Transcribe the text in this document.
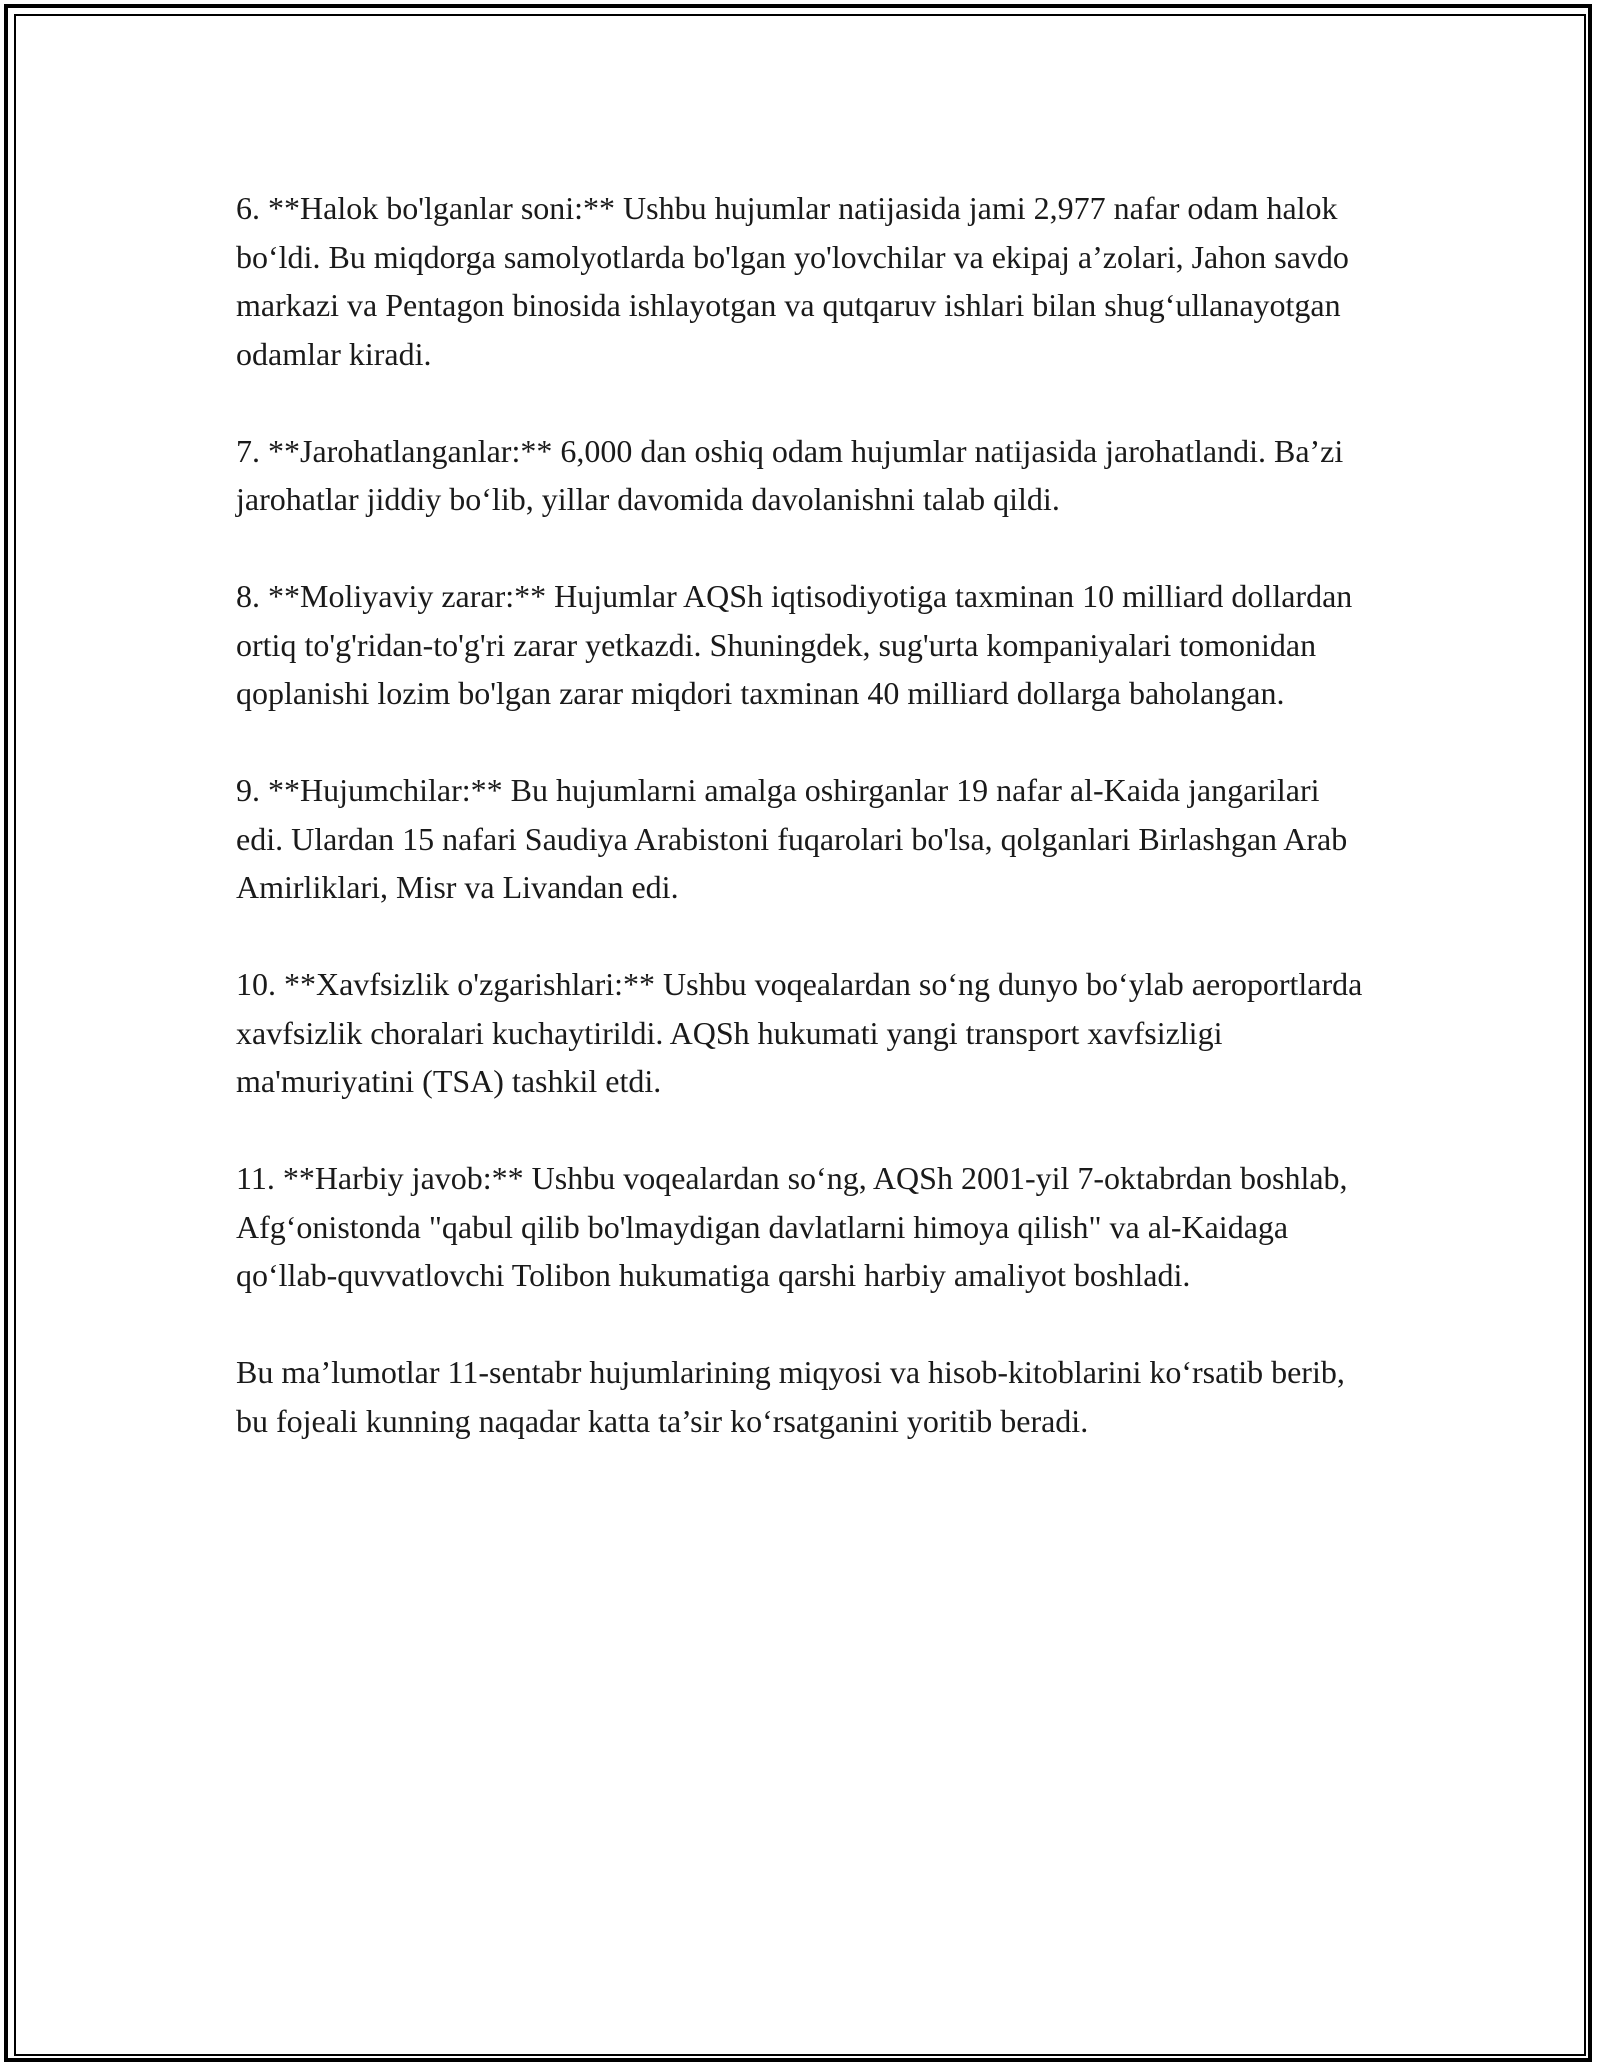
6. **Halok bo'lganlar soni:** Ushbu hujumlar natijasida jami 2,977 nafar odam halok bo‘ldi. Bu miqdorga samolyotlarda bo'lgan yo'lovchilar va ekipaj a’zolari, Jahon savdo markazi va Pentagon binosida ishlayotgan va qutqaruv ishlari bilan shug‘ullanayotgan odamlar kiradi.

7. **Jarohatlanganlar:** 6,000 dan oshiq odam hujumlar natijasida jarohatlandi. Ba’zi jarohatlar jiddiy bo‘lib, yillar davomida davolanishni talab qildi.

8. **Moliyaviy zarar:** Hujumlar AQSh iqtisodiyotiga taxminan 10 milliard dollardan ortiq to'g'ridan-to'g'ri zarar yetkazdi. Shuningdek, sug'urta kompaniyalari tomonidan qoplanishi lozim bo'lgan zarar miqdori taxminan 40 milliard dollarga baholangan.

9. **Hujumchilar:** Bu hujumlarni amalga oshirganlar 19 nafar al-Kaida jangarilari edi. Ulardan 15 nafari Saudiya Arabistoni fuqarolari bo'lsa, qolganlari Birlashgan Arab Amirliklari, Misr va Livandan edi.

10. **Xavfsizlik o'zgarishlari:** Ushbu voqealardan so‘ng dunyo bo‘ylab aeroportlarda xavfsizlik choralari kuchaytirildi. AQSh hukumati yangi transport xavfsizligi ma'muriyatini (TSA) tashkil etdi.

11. **Harbiy javob:** Ushbu voqealardan so‘ng, AQSh 2001-yil 7-oktabrdan boshlab, Afg‘onistonda "qabul qilib bo'lmaydigan davlatlarni himoya qilish" va al-Kaidaga qo‘llab-quvvatlovchi Tolibon hukumatiga qarshi harbiy amaliyot boshladi.

Bu ma’lumotlar 11-sentabr hujumlarining miqyosi va hisob-kitoblarini ko‘rsatib berib, bu fojeali kunning naqadar katta ta’sir ko‘rsatganini yoritib beradi.
